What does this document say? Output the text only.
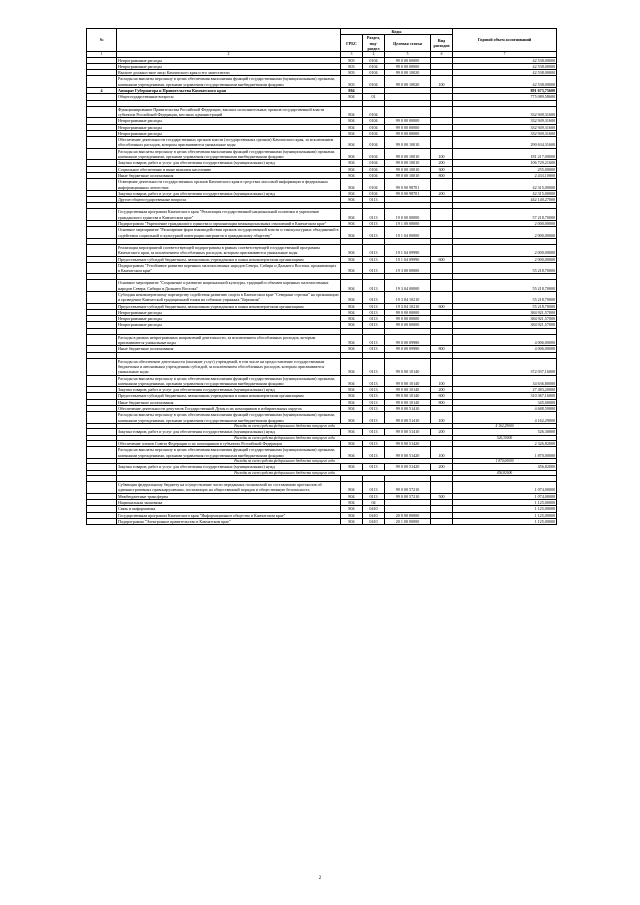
№		Коды				Годовой объем ассигнований
		ГРБС	Раздел, под-раздел	Целевая статья	Вид расходов	
1	2	3	4	5	6	7
	Непрограммные расходы	803	0104	99 0 00 00000		42 538,00000
	Непрограммные расходы	803	0104	99 0 00 00000		42 538,00000
	Высшее должностное лицо Камчатского края и его заместители	803	0104	99 0 00 10020		42 538,00000
	Расходы на выплаты персоналу в целях обеспечения выполнения функций государственными (муниципальными) органами, казенными учреждениями, органами управления государственными внебюджетными фондами	803	0104	99 0 00 10020	100	42 538,00000
4	Аппарат Губернатора и Правительства Камчатского края	804				891 673,75600
	Общегосударственные вопросы	804	01			775 089,58600

	Функционирование Правительства Российской Федерации, высших исполнительных органов государственной власти субъектов Российской Федерации, местных администраций	804	0104			332 949,31600
	Непрограммные расходы	804	0104	99 0 00 00000		332 949,31600
	Непрограммные расходы	804	0104	99 0 00 00000		332 949,31600
	Непрограммные расходы	804	0104	99 0 00 00000		332 949,31600
	Обеспечение деятельности государственных органов власти (государственных органов) Камчатского края, за исключением обособленных расходов, которым присваиваются уникальные коды	804	0104	99 0 00 10010		290 634,31600
	Расходы на выплаты персоналу в целях обеспечения выполнения функций государственными (муниципальными) органами, казенными учреждениями, органами управления государственными внебюджетными фондами	804	0104	99 0 00 10010	100	181 217,00000
	Закупка товаров, работ и услуг для обеспечения государственных (муниципальных) нужд	804	0104	99 0 00 10010	200	106 729,21600
	Социальное обеспечение и иные выплаты населению	804	0104	99 0 00 10010	300	255,00000
	Иные бюджетные ассигнования	804	0104	99 0 00 10010	800	2 433,10000
	Освещение деятельности государственных органов Камчатского края в средствах массовой информации и федеральных информационных агентствах	804	0104	99 0 00 98701		42 315,00000
	Закупка товаров, работ и услуг для обеспечения государственных (муниципальных) нужд	804	0104	99 0 00 98701	200	42 315,00000
	Другие общегосударственные вопросы	804	0113			442 140,27000

	Государственная программа Камчатского края "Реализация государственной национальной политики и укрепление гражданского единства в Камчатском крае"	804	0113	19 0 00 00000		57 218,70000
	Подпрограмма "Укрепление гражданского единства и гармонизация межнациональных отношений в Камчатском крае"	804	0113	19 1 00 00000		2 000,00000
	Основное мероприятие "Расширение форм взаимодействия органов государственной власти и этнокультурных объединений в содействии социальной и культурной интеграции мигрантов и гражданскому обществу"	804	0113	19 1 04 00000		2 000,00000

	Реализация мероприятий соответствующей подпрограммы в рамках соответствующей государственной программы Камчатского края, за исключением обособленных расходов, которым присваиваются уникальные коды	804	0113	19 1 04 09990		2 000,00000
	Предоставление субсидий бюджетным, автономным учреждениям и иным некоммерческим организациям	804	0113	19 1 04 09990	600	2 000,00000
	Подпрограмма "Устойчивое развитие коренных малочисленных народов Севера, Сибири и Дальнего Востока, проживающих в Камчатском крае"	804	0113	19 3 00 00000		55 218,70000

	Основное мероприятие "Сохранение и развитие национальной культуры, традиций и обычаев коренных малочисленных народов Севера, Сибири и Дальнего Востока"	804	0113	19 3 04 00000		55 218,70000
	Субсидия некоммерческому партнерству содействия развитию спорта в Камчатском крае "Северные стрелки" на организацию и проведение Камчатской традиционной гонки на собачьих упряжках "Берингия"	804	0113	19 3 04 10210		55 218,70000
	Предоставление субсидий бюджетным, автономным учреждениям и иным некоммерческим организациям	804	0113	19 3 04 10210	600	55 218,70000
	Непрограммные расходы	804	0113	99 0 00 00000		384 921,57000
	Непрограммные расходы	804	0113	99 0 00 00000		384 921,57000
	Непрограммные расходы	804	0113	99 0 00 00000		384 921,57000

	Расходы в рамках непрограммных направлений деятельности, за исключением обособленных расходов, которым присваиваются уникальные коды	804	0113	99 0 00 09980		4 006,00000
	Иные бюджетные ассигнования	804	0113	99 0 00 09980	800	4 006,00000

	Расходы на обеспечение деятельности (оказание услуг) учреждений, в том числе на предоставление государственным бюджетным и автономным учреждениям субсидий, за исключением обособленных расходов, которым присваиваются уникальные коды	804	0113	99 0 00 10140		372 037,16000
	Расходы на выплаты персоналу в целях обеспечения выполнения функций государственными (муниципальными) органами, казенными учреждениями, органами управления государственными внебюджетными фондами	804	0113	99 0 00 10140	100	34 636,80000
	Закупка товаров, работ и услуг для обеспечения государственных (муниципальных) нужд	804	0113	99 0 00 10140	200	27 483,20000
	Предоставление субсидий бюджетным, автономным учреждениям и иным некоммерческим организациям	804	0113	99 0 00 10140	600	310 367,16000
	Иные бюджетные ассигнования	804	0113	99 0 00 10140	800	345,00000
	Обеспечение деятельности депутатов Государственной Думы и их помощников в избирательных округах	804	0113	99 0 00 51410		4 688,59000
	Расходы на выплаты персоналу в целях обеспечения выполнения функций государственными (муниципальными) органами, казенными учреждениями, органами управления государственными внебюджетными фондами	804	0113	99 0 00 51410	100	4 162,29000
	Расходы за счет средств федерального бюджета текущего года					4 162,29000
	Закупка товаров, работ и услуг для обеспечения государственных (муниципальных) нужд	804	0113	99 0 00 51410	200	526,30000
	Расходы за счет средств федерального бюджета текущего года					526,30000
	Обеспечение членов Совета Федерации и их помощников в субъектах Российской Федерации	804	0113	99 0 00 51420		2 326,82000
	Расходы на выплаты персоналу в целях обеспечения выполнения функций государственными (муниципальными) органами, казенными учреждениями, органами управления государственными внебюджетными фондами	804	0113	99 0 00 51420	100	1 870,00000
	Расходы за счет средств федерального бюджета текущего года					1 870,00000
	Закупка товаров, работ и услуг для обеспечения государственных (муниципальных) нужд	804	0113	99 0 00 51420	200	456,82000
	Расходы за счет средств федерального бюджета текущего года					456,82000

	Субвенция федеральному бюджету на осуществление части переданных полномочий по составлению протоколов об административных правонарушениях, посягающих на общественный порядок и общественную безопасность	804	0113	99 0 00 57210		1 074,00000
	Межбюджетные трансферты	804	0113	99 0 00 57210	500	1 074,00000
	Национальная экономика	804	04			1 125,00000
	Связь и информатика	804	0410			1 125,00000
	Государственная программа Камчатского края "Информационное общество в Камчатском крае"	804	0410	20 0 00 00000		1 125,00000
	Подпрограмма "Электронное правительство в Камчатском крае"	804	0410	20 1 00 00000		1 125,00000
2
